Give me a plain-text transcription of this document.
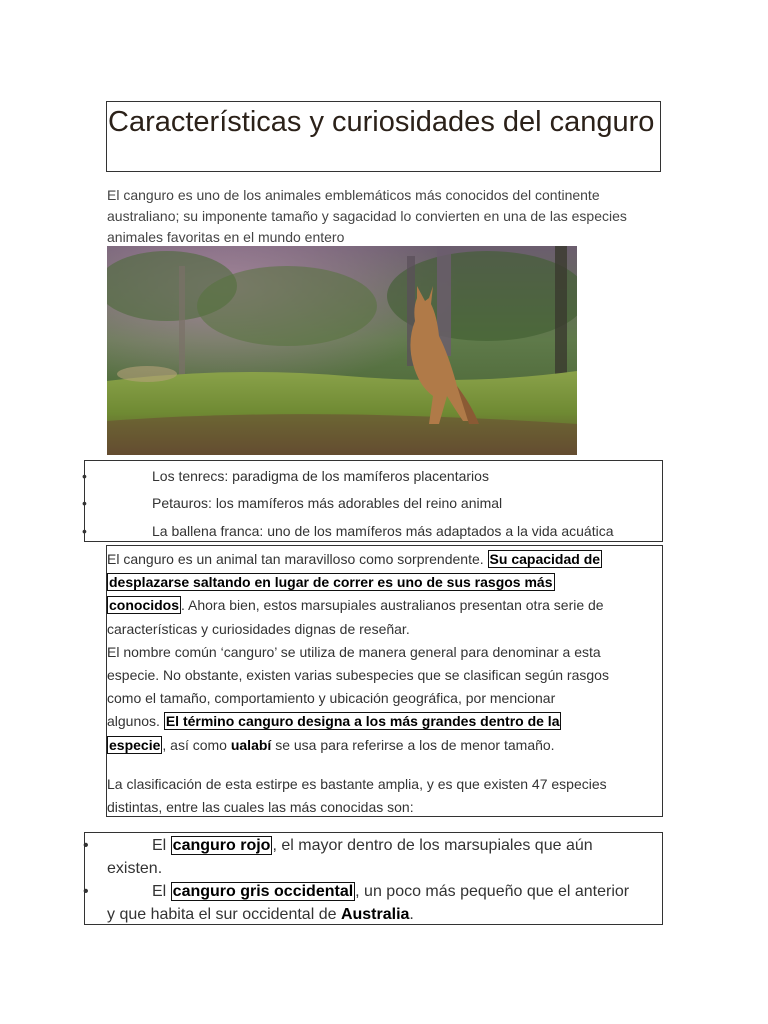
Características y curiosidades del canguro
El canguro es uno de los animales emblemáticos más conocidos del continente
australiano; su imponente tamaño y sagacidad lo convierten en una de las especies
animales favoritas en el mundo entero
•	Los tenrecs: paradigma de los mamíferos placentarios
•	Petauros: los mamíferos más adorables del reino animal
•	La ballena franca: uno de los mamíferos más adaptados a la vida acuática
El canguro es un animal tan maravilloso como sorprendente. Su capacidad de
desplazarse saltando en lugar de correr es uno de sus rasgos más
conocidos . Ahora bien, estos marsupiales australianos presentan otra serie de
características y curiosidades dignas de reseñar.
El nombre común ‘canguro’ se utiliza de manera general para denominar a esta
especie. No obstante, existen varias subespecies que se clasifican según rasgos
como el tamaño, comportamiento y ubicación geográfica, por mencionar
algunos. El término canguro designa a los más grandes dentro de la
especie , así como ualabí se usa para referirse a los de menor tamaño.
La clasificación de esta estirpe es bastante amplia, y es que existen 47 especies
distintas, entre las cuales las más conocidas son:
•	El canguro rojo , el mayor dentro de los marsupiales que aún
existen.
•	El canguro gris occidental , un poco más pequeño que el anterior
y que habita el sur occidental de Australia.
